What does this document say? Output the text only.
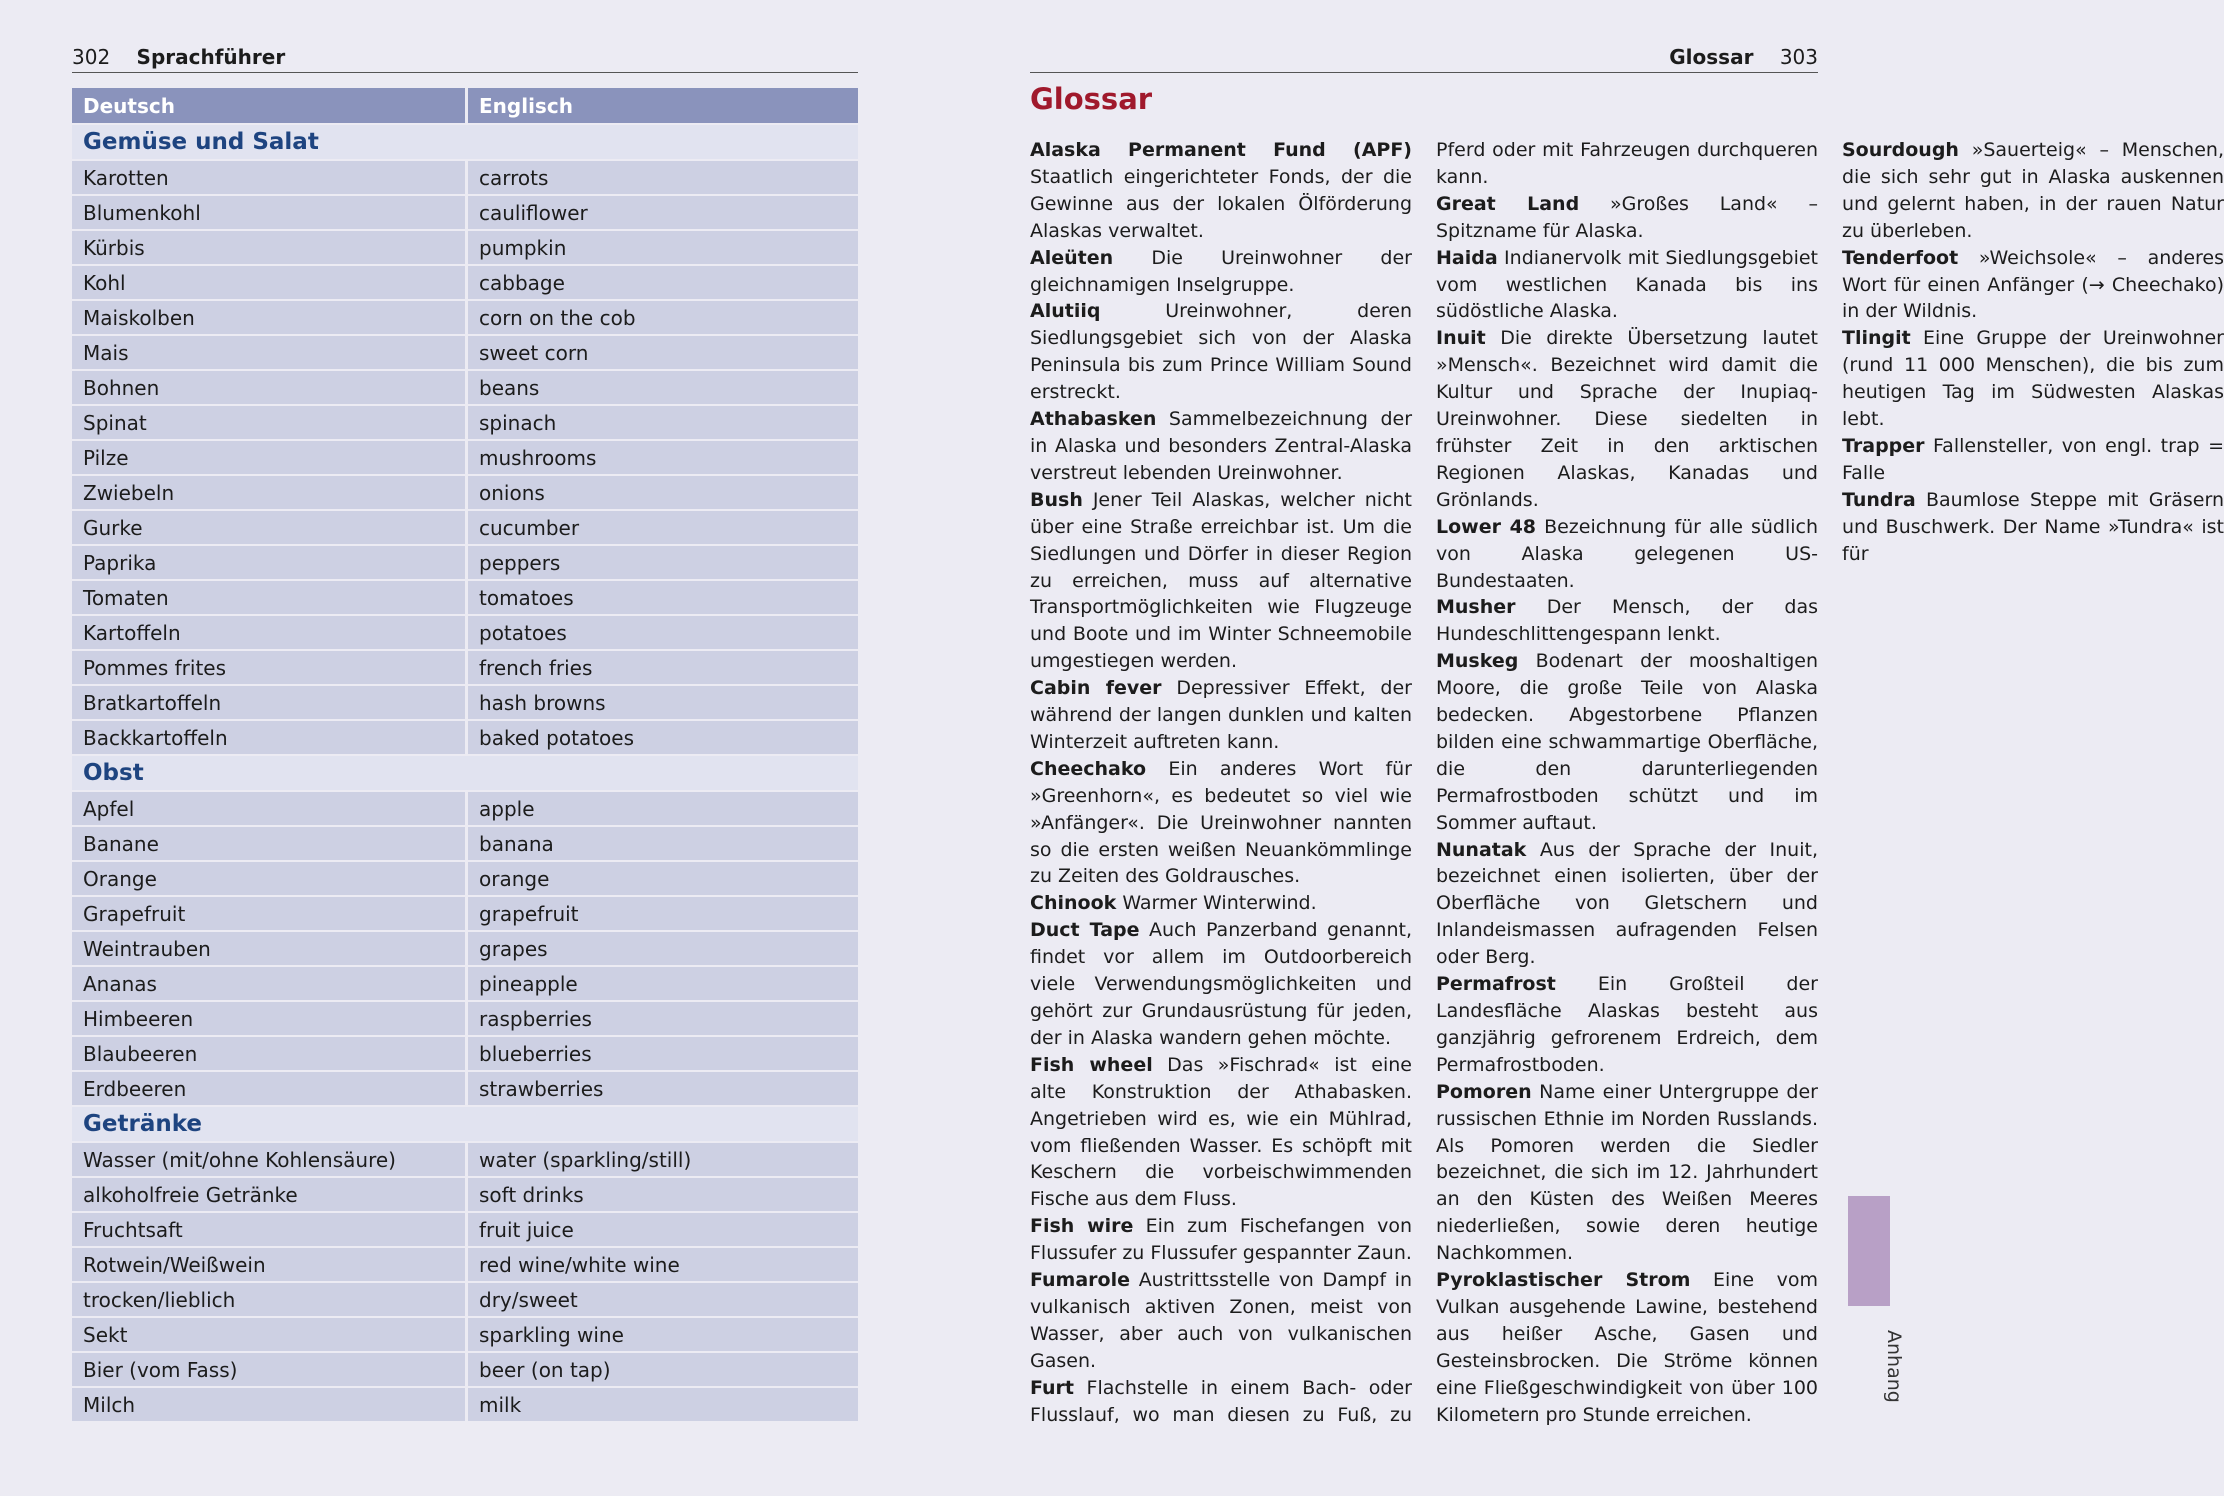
302 Sprachführer
Deutsch	Englisch
Gemüse und Salat	
Karotten	carrots
Blumenkohl	cauliflower
Kürbis	pumpkin
Kohl	cabbage
Maiskolben	corn on the cob
Mais	sweet corn
Bohnen	beans
Spinat	spinach
Pilze	mushrooms
Zwiebeln	onions
Gurke	cucumber
Paprika	peppers
Tomaten	tomatoes
Kartoffeln	potatoes
Pommes frites	french fries
Bratkartoffeln	hash browns
Backkartoffeln	baked potatoes
Obst	
Apfel	apple
Banane	banana
Orange	orange
Grapefruit	grapefruit
Weintrauben	grapes
Ananas	pineapple
Himbeeren	raspberries
Blaubeeren	blueberries
Erdbeeren	strawberries
Getränke	
Wasser (mit/ohne Kohlensäure)	water (sparkling/still)
alkoholfreie Getränke	soft drinks
Fruchtsaft	fruit juice
Rotwein/Weißwein	red wine/white wine
trocken/lieblich	dry/sweet
Sekt	sparkling wine
Bier (vom Fass)	beer (on tap)
Milch	milk
Glossar 303
Glossar

Alaska Permanent Fund (APF) Staatlich eingerichteter Fonds, der die Gewinne aus der lokalen Ölförderung Alaskas verwaltet.

Aleüten Die Ureinwohner der gleichnamigen Inselgruppe.

Alutiiq	Ureinwohner, deren Siedlungsgebiet sich von der Alaska Peninsula bis zum Prince William Sound erstreckt.

Athabasken Sammelbezeichnung der in Alaska und besonders Zentral-Alaska verstreut lebenden Ureinwohner.

Bush Jener Teil Alaskas, welcher nicht über eine Straße erreichbar ist. Um die Siedlungen und Dörfer in dieser Region zu erreichen, muss auf alternative Transportmöglichkeiten wie Flugzeuge und Boote und im Winter Schneemobile umgestiegen werden.

Cabin fever Depressiver Effekt, der während der langen dunklen und kalten Winterzeit auftreten kann.

Cheechako Ein anderes Wort für »Greenhorn«, es bedeutet so viel wie »Anfänger«. Die Ureinwohner nannten so die ersten weißen Neuankömmlinge zu Zeiten des Goldrausches.

Chinook Warmer Winterwind.

Duct Tape Auch Panzerband genannt, findet vor allem im Outdoorbereich viele Verwendungsmöglichkeiten und gehört zur Grundausrüstung für jeden, der in Alaska wandern gehen möchte.

Fish wheel Das »Fischrad« ist eine alte Konstruktion der Athabasken. Angetrieben wird es, wie ein Mühlrad, vom fließenden Wasser. Es schöpft mit Keschern die vorbeischwimmenden Fische aus dem Fluss.

Fish wire Ein zum Fischefangen von Flussufer zu Flussufer gespannter Zaun.

Fumarole Austrittsstelle von Dampf in vulkanisch aktiven Zonen, meist von Wasser, aber auch von vulkanischen Gasen.

Furt Flachstelle in einem Bach- oder Flusslauf, wo man diesen zu Fuß, zu Pferd oder mit Fahrzeugen durchqueren kann.

Great Land »Großes Land« – Spitzname für Alaska.

Haida Indianervolk mit Siedlungsgebiet vom westlichen Kanada bis ins südöstliche Alaska.

Inuit Die direkte Übersetzung lautet »Mensch«. Bezeichnet wird damit die Kultur und Sprache der Inupiaq-Ureinwohner. Diese siedelten in frühster Zeit in den arktischen Regionen Alaskas, Kanadas und Grönlands.

Lower 48 Bezeichnung für alle südlich von Alaska gelegenen US-Bundestaaten.

Musher Der Mensch, der das Hundeschlittengespann lenkt.

Muskeg Bodenart der mooshaltigen Moore, die große Teile von Alaska bedecken. Abgestorbene Pflanzen bilden eine schwammartige Oberfläche, die den darunterliegenden Permafrostboden schützt und im Sommer auftaut.

Nunatak Aus der Sprache der Inuit, bezeichnet einen isolierten, über der Oberfläche von Gletschern und Inlandeismassen aufragenden Felsen oder Berg.

Permafrost Ein Großteil der Landesfläche Alaskas besteht aus ganzjährig gefrorenem Erdreich, dem Permafrostboden.

Pomoren Name einer Untergruppe der russischen Ethnie im Norden Russlands. Als Pomoren werden die Siedler bezeichnet, die sich im 12. Jahrhundert an den Küsten des Weißen Meeres niederließen, sowie deren heutige Nachkommen.

Pyroklastischer Strom Eine vom Vulkan ausgehende Lawine, bestehend aus heißer Asche, Gasen und Gesteinsbrocken. Die Ströme können eine Fließgeschwindigkeit von über 100 Kilometern pro Stunde erreichen.

Sourdough »Sauerteig« – Menschen, die sich sehr gut in Alaska auskennen und gelernt haben, in der rauen Natur zu überleben.

Tenderfoot »Weichsole« – anderes Wort für einen Anfänger (→ Cheechako) in der Wildnis.

Tlingit Eine Gruppe der Ureinwohner (rund 11 000 Menschen), die bis zum heutigen Tag im Südwesten Alaskas lebt.

Trapper Fallensteller, von engl. trap = Falle

Tundra Baumlose Steppe mit Gräsern und Buschwerk. Der Name »Tundra« ist für

Anhang
